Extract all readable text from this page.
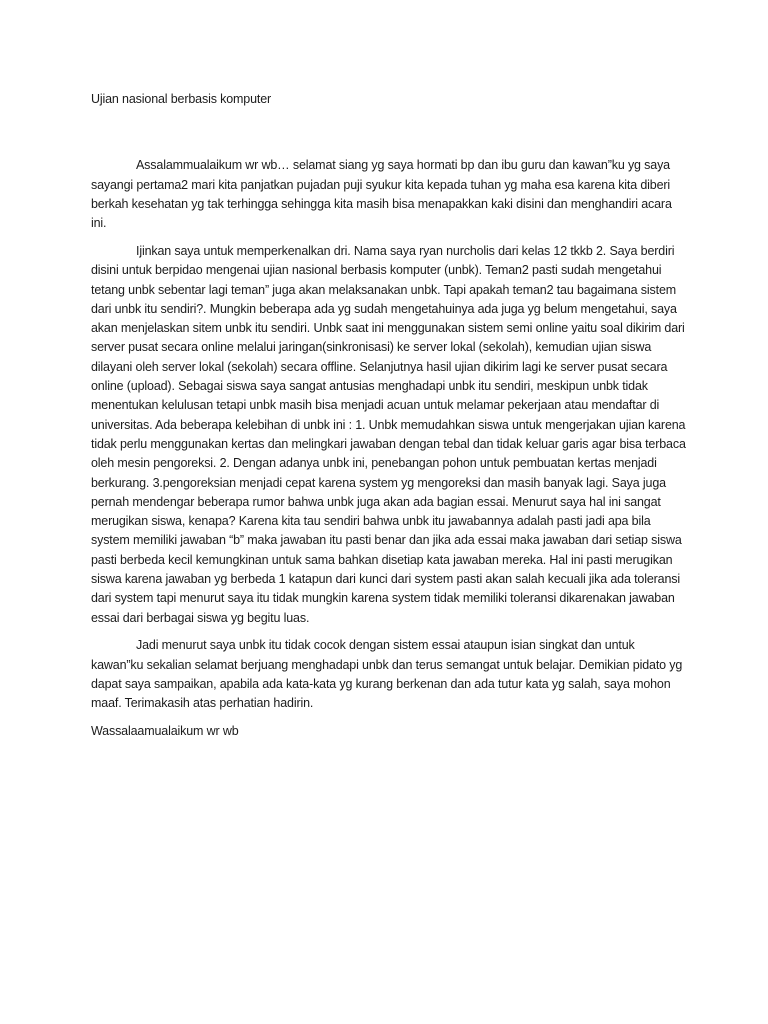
Ujian nasional berbasis komputer

Assalammualaikum wr wb… selamat siang yg saya hormati bp dan ibu guru dan kawan”ku yg saya sayangi pertama2 mari kita panjatkan pujadan puji syukur kita kepada tuhan yg maha esa karena kita diberi berkah kesehatan yg tak terhingga sehingga kita masih bisa menapakkan kaki disini dan menghandiri acara ini.

Ijinkan saya untuk memperkenalkan dri. Nama saya ryan nurcholis dari kelas 12 tkkb 2. Saya berdiri disini untuk berpidao mengenai ujian nasional berbasis komputer (unbk). Teman2 pasti sudah mengetahui tetang unbk sebentar lagi teman” juga akan melaksanakan unbk. Tapi apakah teman2 tau bagaimana sistem dari unbk itu sendiri?. Mungkin beberapa ada yg sudah mengetahuinya ada juga yg belum mengetahui, saya akan menjelaskan sitem unbk itu sendiri. Unbk saat ini menggunakan sistem semi online yaitu soal dikirim dari server pusat secara online melalui jaringan(sinkronisasi) ke server lokal (sekolah), kemudian ujian siswa dilayani oleh server lokal (sekolah) secara offline. Selanjutnya hasil ujian dikirim lagi ke server pusat secara online (upload). Sebagai siswa saya sangat antusias menghadapi unbk itu sendiri, meskipun unbk tidak menentukan kelulusan tetapi unbk masih bisa menjadi acuan untuk melamar pekerjaan atau mendaftar di universitas. Ada beberapa kelebihan di unbk ini : 1. Unbk memudahkan siswa untuk mengerjakan ujian karena tidak perlu menggunakan kertas dan melingkari jawaban dengan tebal dan tidak keluar garis agar bisa terbaca oleh mesin pengoreksi. 2. Dengan adanya unbk ini, penebangan pohon untuk pembuatan kertas menjadi berkurang. 3.pengoreksian menjadi cepat karena system yg mengoreksi dan masih banyak lagi. Saya juga pernah mendengar beberapa rumor bahwa unbk juga akan ada bagian essai. Menurut saya hal ini sangat merugikan siswa, kenapa? Karena kita tau sendiri bahwa unbk itu jawabannya adalah pasti jadi apa bila system memiliki jawaban “b” maka jawaban itu pasti benar dan jika ada essai maka jawaban dari setiap siswa pasti berbeda kecil kemungkinan untuk sama bahkan disetiap kata jawaban mereka. Hal ini pasti merugikan siswa karena jawaban yg berbeda 1 katapun dari kunci dari system pasti akan salah kecuali jika ada toleransi dari system tapi menurut saya itu tidak mungkin karena system tidak memiliki toleransi dikarenakan jawaban essai dari berbagai siswa yg begitu luas.

Jadi menurut saya unbk itu tidak cocok dengan sistem essai ataupun isian singkat dan untuk kawan”ku sekalian selamat berjuang menghadapi unbk dan terus semangat untuk belajar. Demikian pidato yg dapat saya sampaikan, apabila ada kata-kata yg kurang berkenan dan ada tutur kata yg salah, saya mohon maaf. Terimakasih atas perhatian hadirin.

Wassalaamualaikum wr wb
